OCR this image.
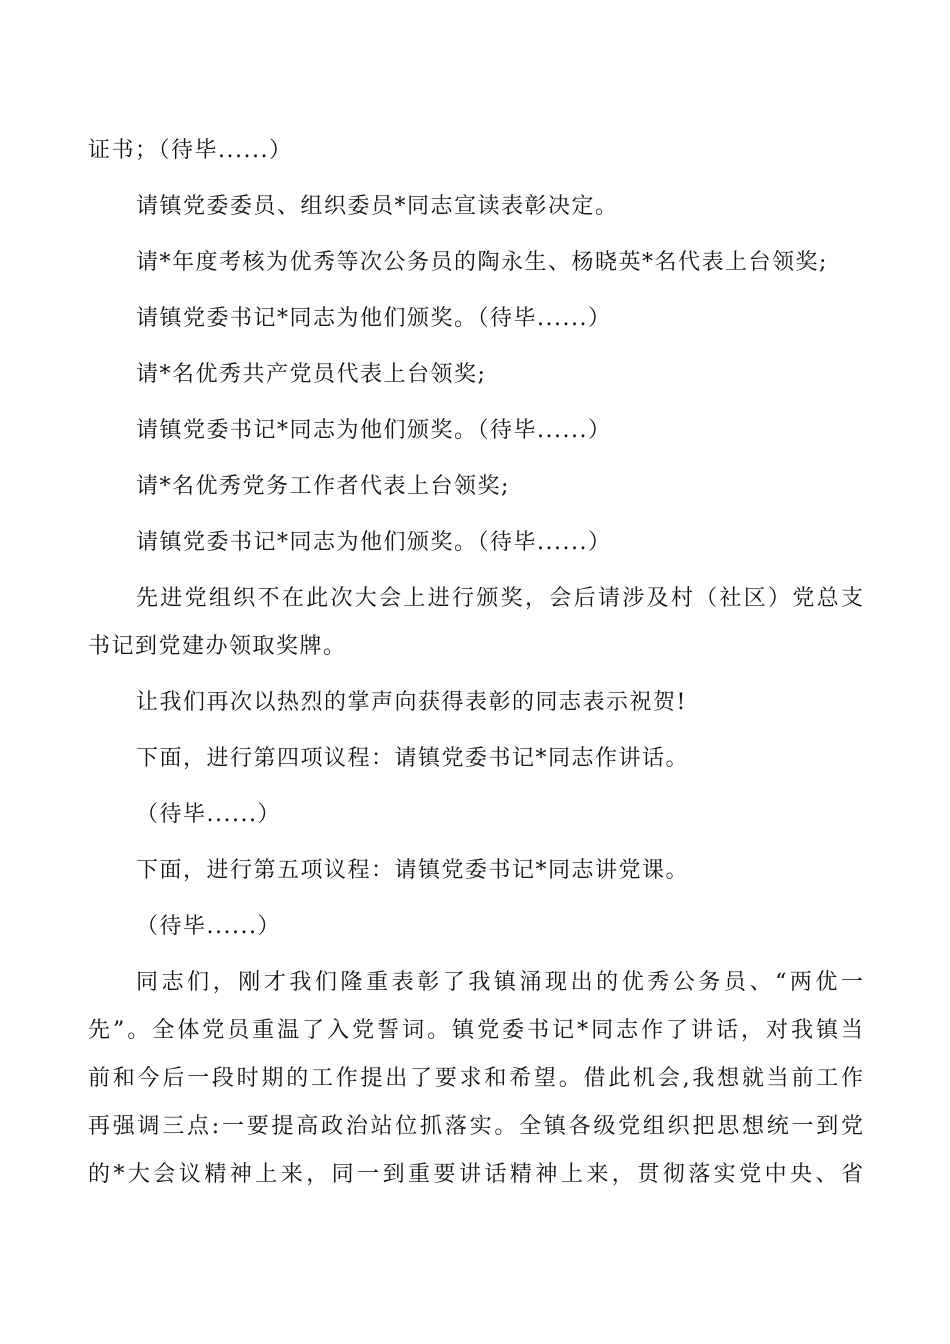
证书；（待毕......）
请镇党委委员、组织委员*同志宣读表彰决定。
请*年度考核为优秀等次公务员的陶永生、杨晓英*名代表上台领奖;
请镇党委书记*同志为他们颁奖。（待毕......）
请*名优秀共产党员代表上台领奖;
请镇党委书记*同志为他们颁奖。（待毕......）
请*名优秀党务工作者代表上台领奖;
请镇党委书记*同志为他们颁奖。（待毕......）
先进党组织不在此次大会上进行颁奖，会后请涉及村（社区）党总支
书记到党建办领取奖牌。
让我们再次以热烈的掌声向获得表彰的同志表示祝贺!
下面，进行第四项议程：请镇党委书记*同志作讲话。
（待毕......）
下面，进行第五项议程：请镇党委书记*同志讲党课。
（待毕......）
同志们，刚才我们隆重表彰了我镇涌现出的优秀公务员、“两优一
先”。全体党员重温了入党誓词。镇党委书记*同志作了讲话，对我镇当
前和今后一段时期的工作提出了要求和希望。借此机会,我想就当前工作
再强调三点:一要提高政治站位抓落实。全镇各级党组织把思想统一到党
的*大会议精神上来，同一到重要讲话精神上来，贯彻落实党中央、省
